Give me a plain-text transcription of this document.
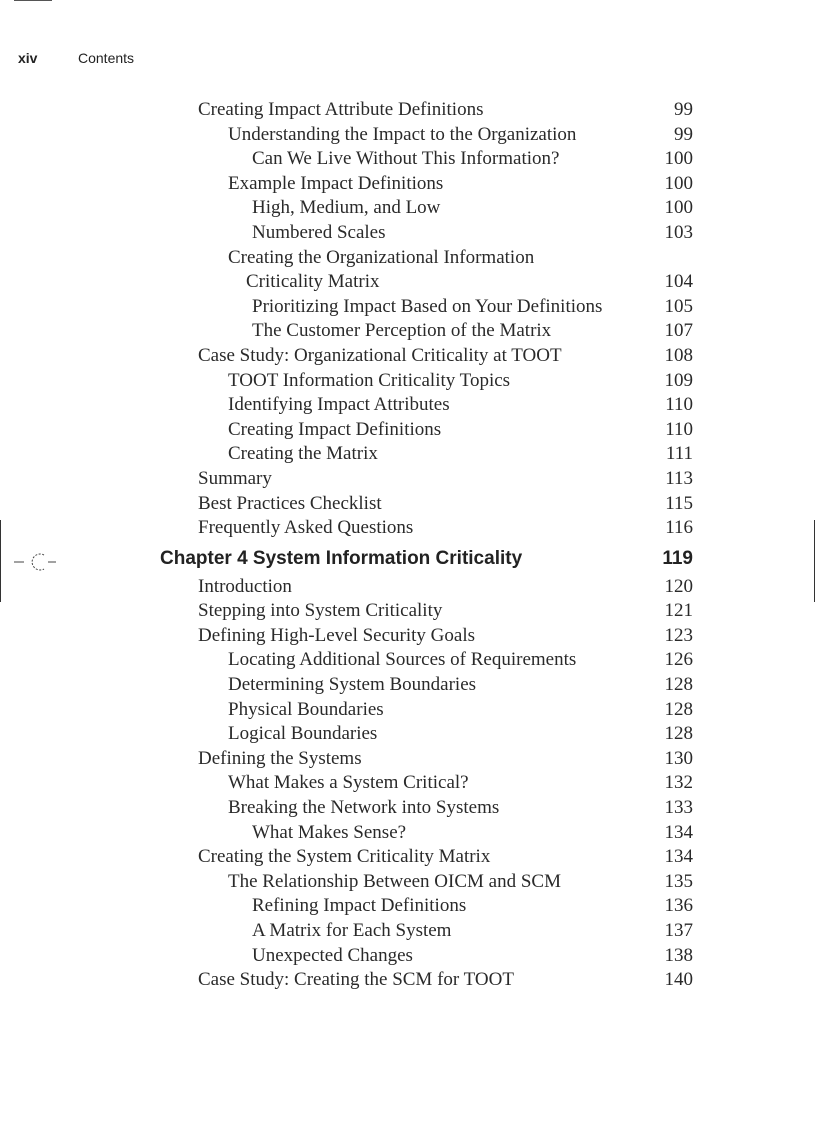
xiv	Contents
Creating Impact Attribute Definitions	99
Understanding the Impact to the Organization	99
Can We Live Without This Information?	100
Example Impact Definitions	100
High, Medium, and Low	100
Numbered Scales	103
Creating the Organizational Information
Criticality Matrix	104
Prioritizing Impact Based on Your Definitions	105
The Customer Perception of the Matrix	107
Case Study: Organizational Criticality at TOOT	108
TOOT Information Criticality Topics	109
Identifying Impact Attributes	110
Creating Impact Definitions	110
Creating the Matrix	111
Summary	113
Best Practices Checklist	115
Frequently Asked Questions	116
Chapter 4 System Information Criticality	119
Introduction	120
Stepping into System Criticality	121
Defining High-Level Security Goals	123
Locating Additional Sources of Requirements	126
Determining System Boundaries	128
Physical Boundaries	128
Logical Boundaries	128
Defining the Systems	130
What Makes a System Critical?	132
Breaking the Network into Systems	133
What Makes Sense?	134
Creating the System Criticality Matrix	134
The Relationship Between OICM and SCM	135
Refining Impact Definitions	136
A Matrix for Each System	137
Unexpected Changes	138
Case Study: Creating the SCM for TOOT	140
